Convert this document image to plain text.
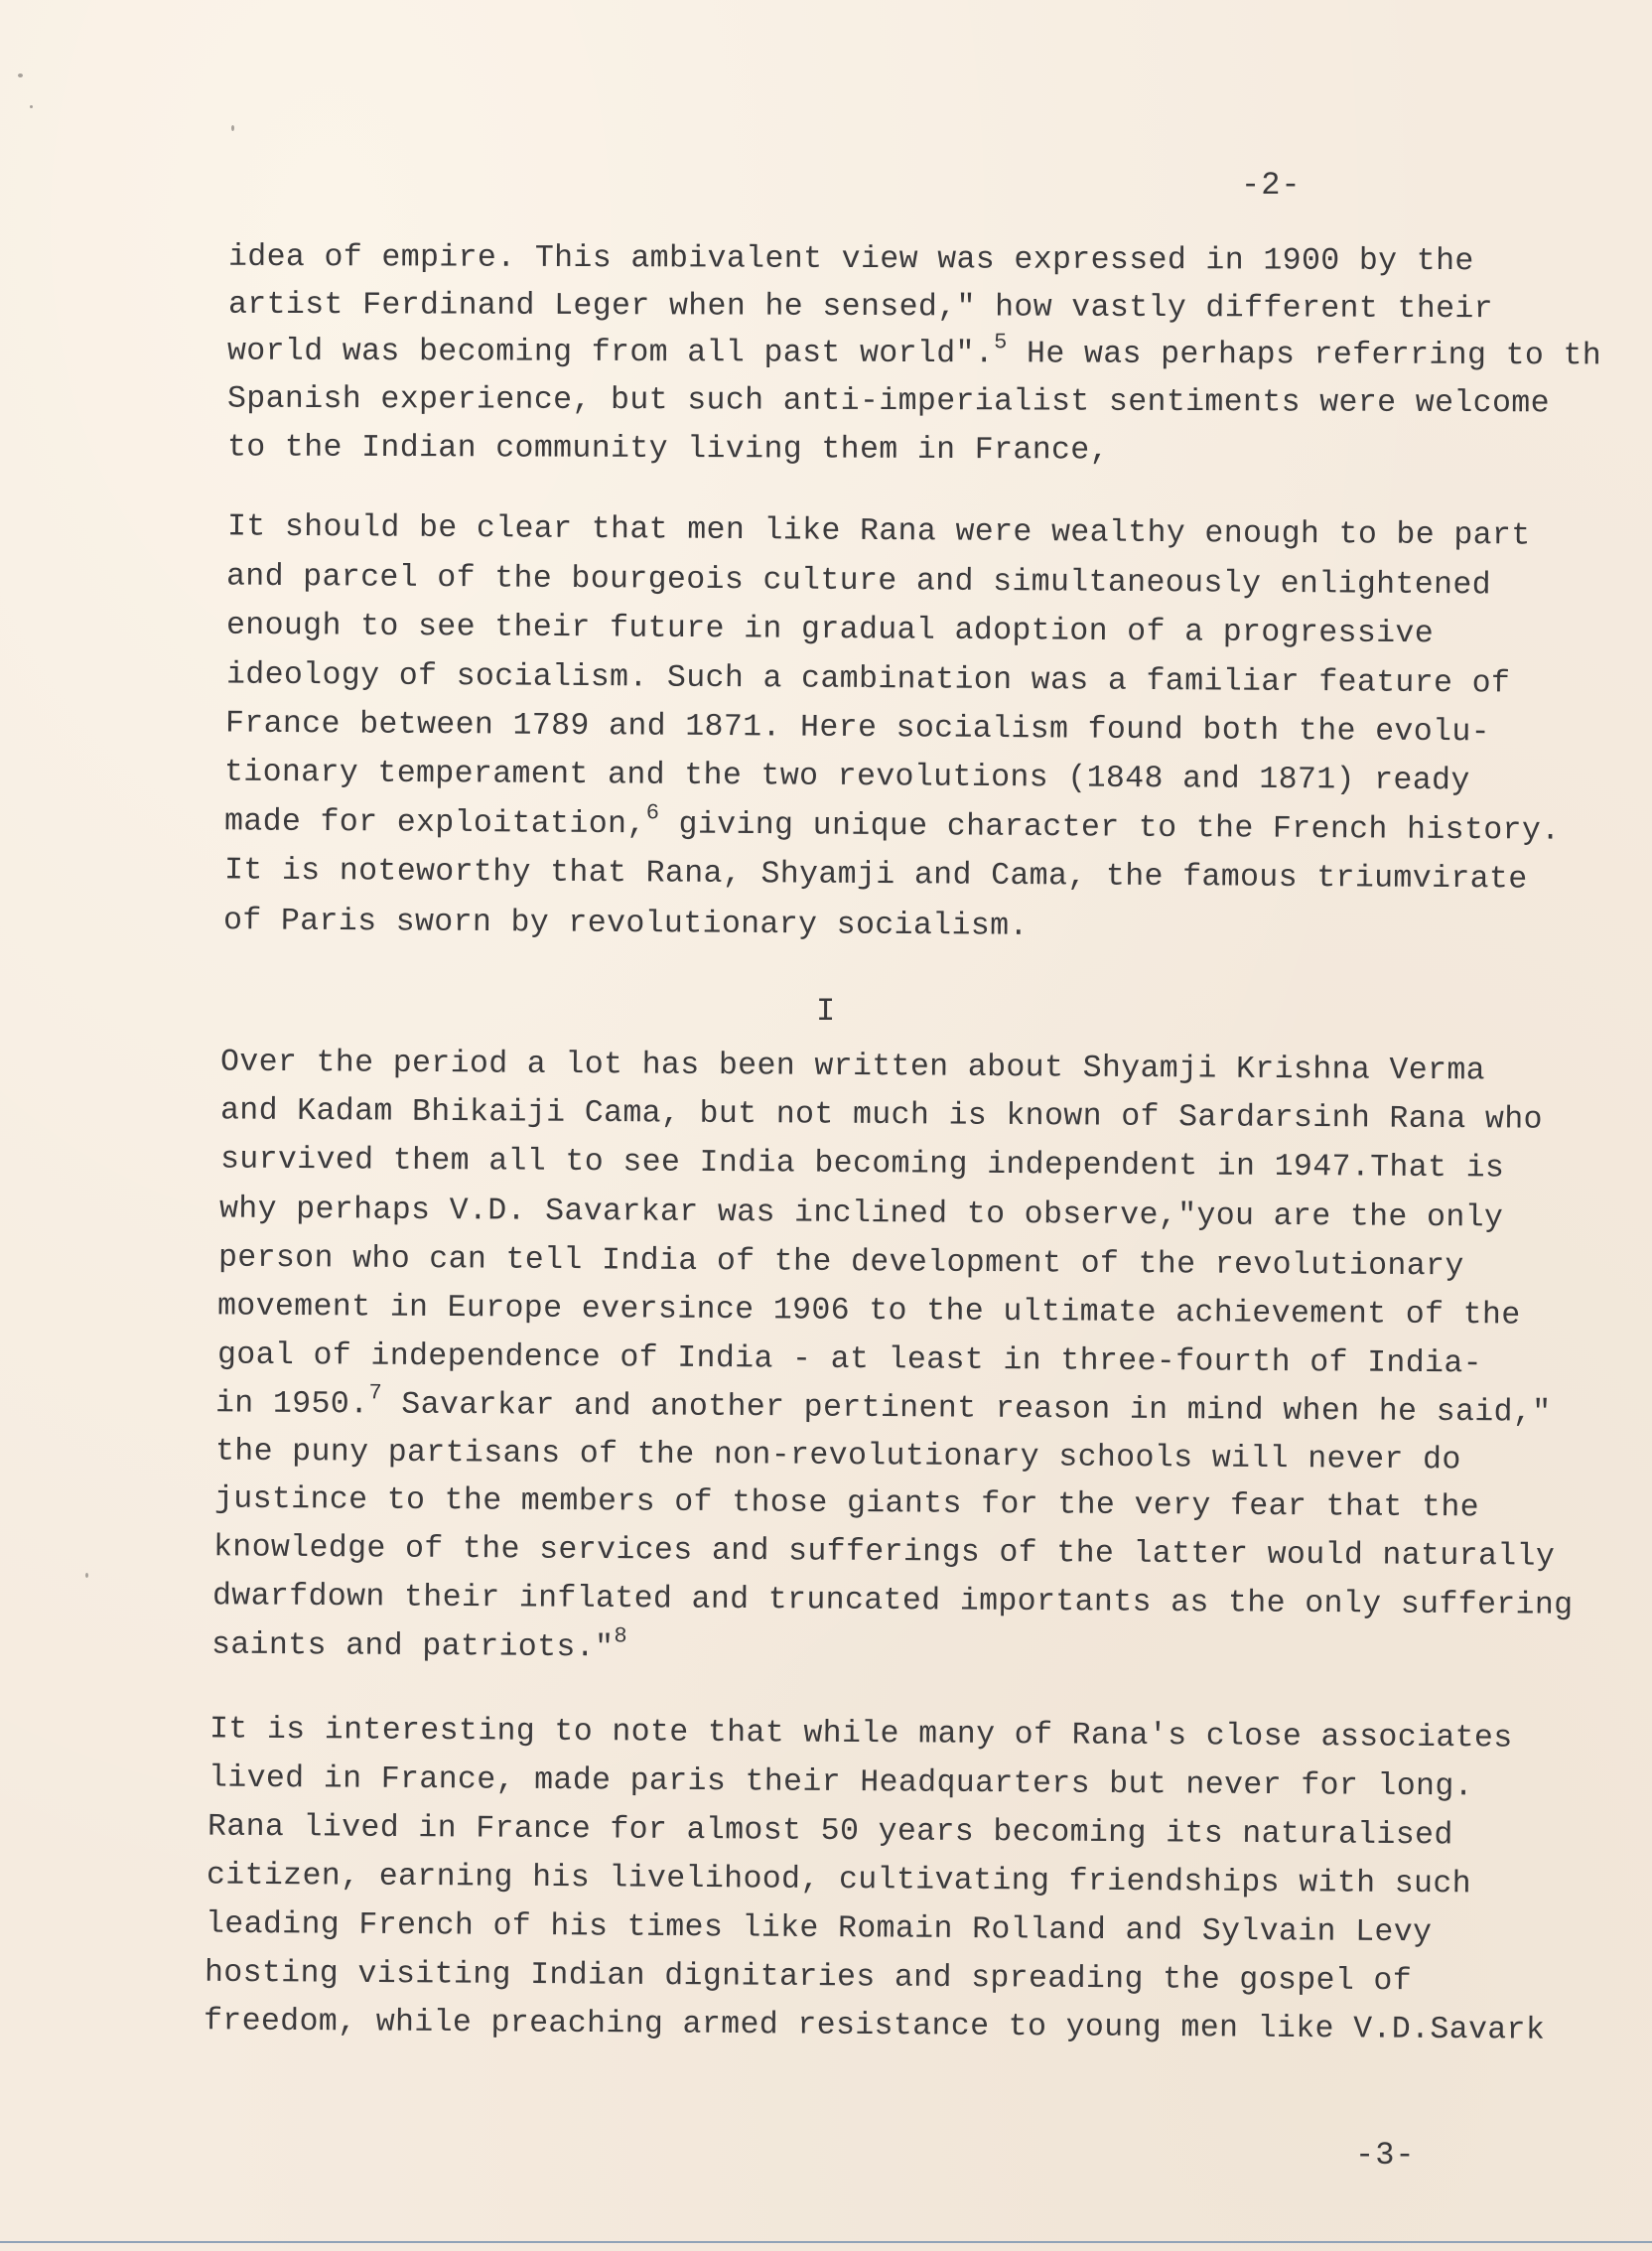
-2-
idea of empire. This ambivalent view was expressed in 1900 by the
artist Ferdinand Leger when he sensed," how vastly different their
world was becoming from all past world".$^5$ He was perhaps referring to th
Spanish experience, but such anti-imperialist sentiments were welcome
to the Indian community living them in France,
It should be clear that men like Rana were wealthy enough to be part
and parcel of the bourgeois culture and simultaneously enlightened
enough to see their future in gradual adoption of a progressive
ideology of socialism. Such a cambination was a familiar feature of
France between 1789 and 1871. Here socialism found both the evolu-
tionary temperament and the two revolutions (1848 and 1871) ready
made for exploitation,$^6$ giving unique character to the French history.
It is noteworthy that Rana, Shyamji and Cama, the famous triumvirate
of Paris sworn by revolutionary socialism.
I
Over the period a lot has been written about Shyamji Krishna Verma
and Kadam Bhikaiji Cama, but not much is known of Sardarsinh Rana who
survived them all to see India becoming independent in 1947.That is
why perhaps V.D. Savarkar was inclined to observe,"you are the only
person who can tell India of the development of the revolutionary
movement in Europe eversince 1906 to the ultimate achievement of the
goal of independence of India - at least in three-fourth of India-
in 1950.$^7$ Savarkar and another pertinent reason in mind when he said,"
the puny partisans of the non-revolutionary schools will never do
justince to the members of those giants for the very fear that the
knowledge of the services and sufferings of the latter would naturally
dwarfdown their inflated and truncated importants as the only suffering
saints and patriots."$^8$
It is interesting to note that while many of Rana's close associates
lived in France, made paris their Headquarters but never for long.
Rana lived in France for almost 50 years becoming its naturalised
citizen, earning his livelihood, cultivating friendships with such
leading French of his times like Romain Rolland and Sylvain Levy
hosting visiting Indian dignitaries and spreading the gospel of
freedom, while preaching armed resistance to young men like V.D.Savark
-3-
